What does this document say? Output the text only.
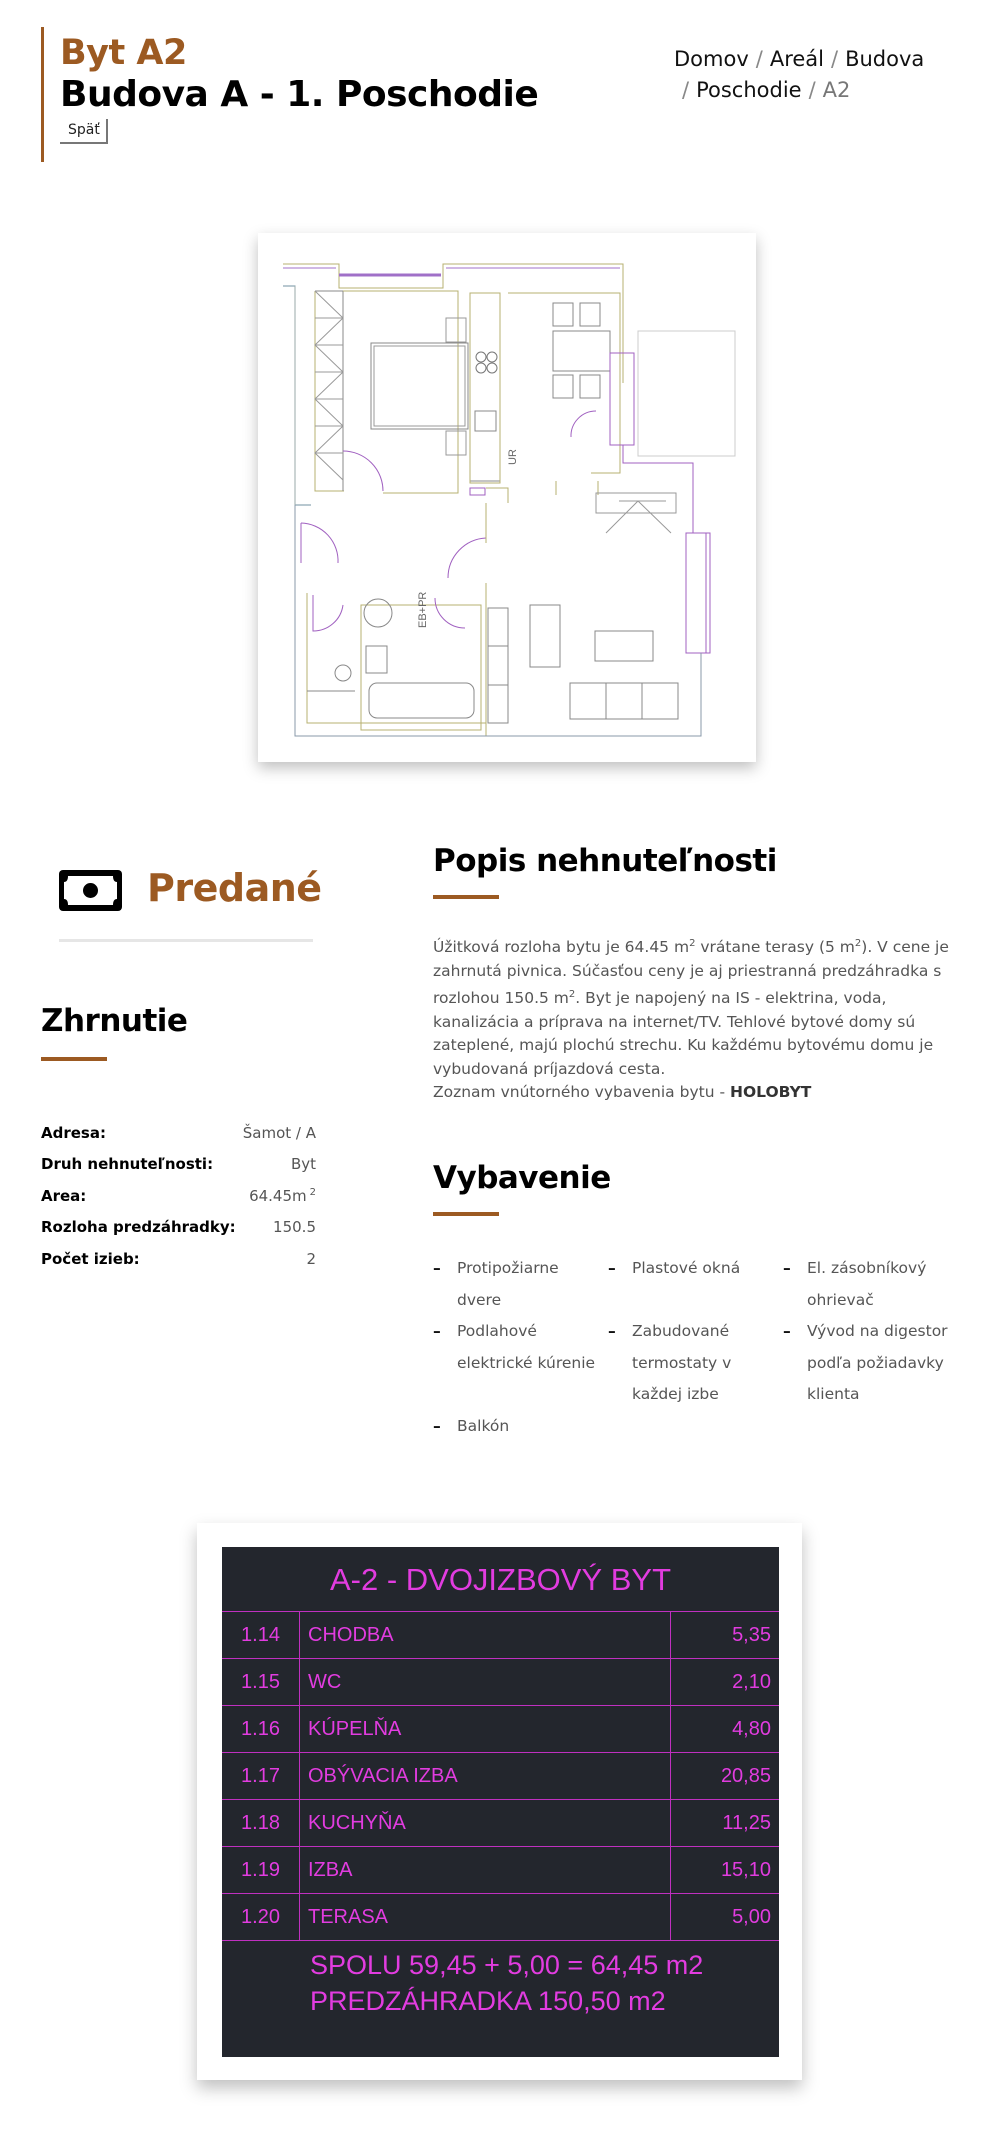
Byt A2
Budova A - 1. Poschodie
Späť
Domov / Areál / Budova
/ Poschodie / A2
UR
EB+PR
Predané
Zhrnutie
Adresa:	Šamot / A
Druh nehnuteľnosti:	Byt
Area:	64.45m $^2$
Rozloha predzáhradky: 150.5
Počet izieb:	2
Popis nehnuteľnosti
Úžitková rozloha bytu je 64.45 $m^2$ vrátane terasy (5 $m^2$). V cene je zahrnutá pivnica. Súčasťou ceny je aj priestranná predzáhradka s rozlohou 150.5 $m^2$. Byt je napojený na IS - elektrina, voda, kanalizácia a príprava na internet/TV. Tehlové bytové domy sú zateplené, majú plochú strechu. Ku každému bytovému domu je vybudovaná príjazdová cesta.
Zoznam vnútorného vybavenia bytu - HOLOBYT
Vybavenie
–	Protipožiarne dvere
–	Plastové okná	–	El. zásobníkový ohrievač
–	Podlahové elektrické kúrenie
–	Zabudované termostaty v každej izbe
–	Vývod na digestor podľa požiadavky klienta
–	Balkón
A-2 - DVOJIZBOVÝ BYT
1.14	CHODBA	5,35
1.15	WC	2,10
1.16	KÚPELŇA	4,80
1.17	OBÝVACIA IZBA	20,85
1.18	KUCHYŇA	11,25
1.19	IZBA	15,10
1.20	TERASA	5,00
SPOLU 59,45 + 5,00 = 64,45 m2
PREDZÁHRADKA 150,50 m2
